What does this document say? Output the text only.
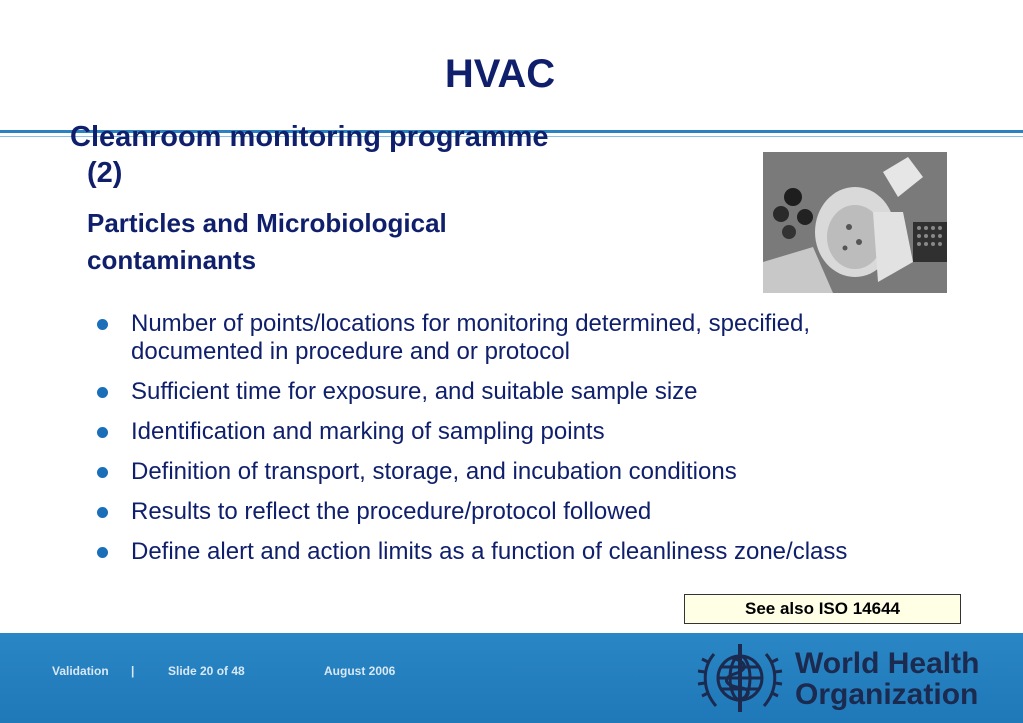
HVAC
Cleanroom monitoring programme
(2)
Particles and Microbiological
contaminants
Number of points/locations for monitoring determined, specified, documented in procedure and or protocol
Sufficient time for exposure, and suitable sample size
Identification and marking of sampling points
Definition of transport, storage, and incubation conditions
Results to reflect the procedure/protocol followed
Define alert and action limits as a function of cleanliness zone/class
See also ISO 14644
Validation |	Slide 20 of 48	August 2006	World Health
Organization
